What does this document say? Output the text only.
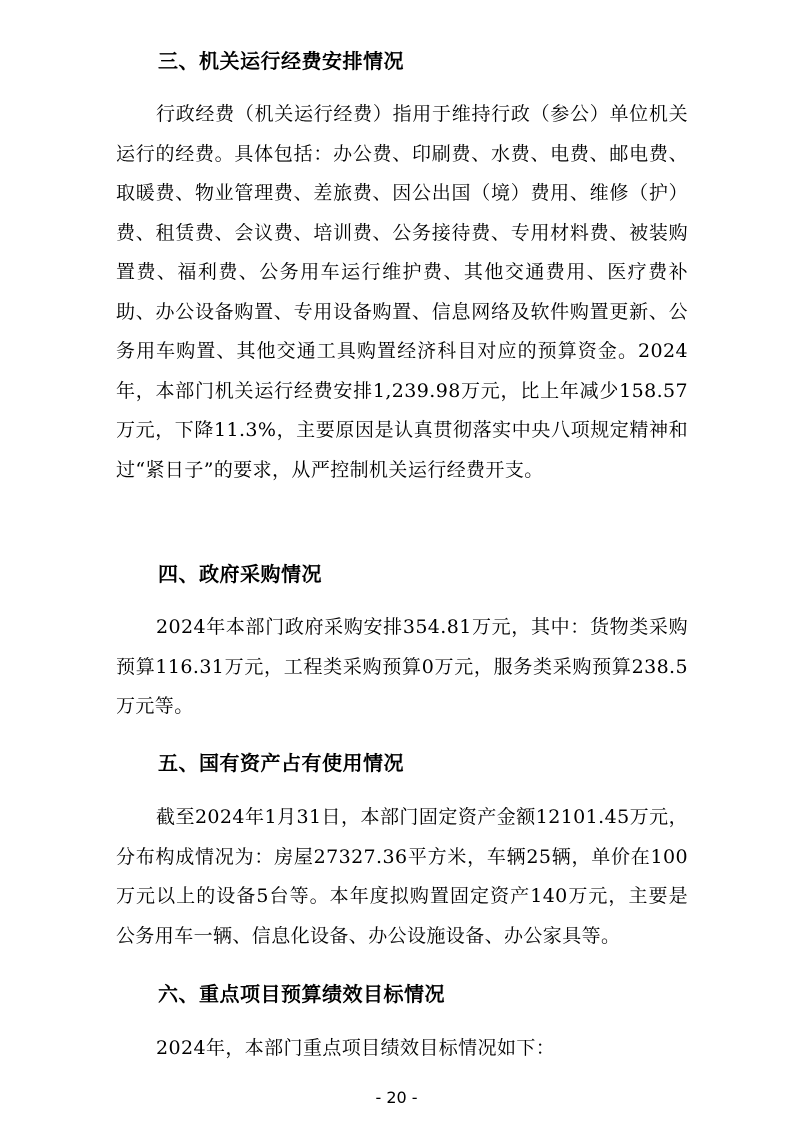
三、机关运行经费安排情况

行政经费（机关运行经费）指用于维持行政（参公）单位机关运行的经费。具体包括：办公费、印刷费、水费、电费、邮电费、取暖费、物业管理费、差旅费、因公出国（境）费用、维修（护）费、租赁费、会议费、培训费、公务接待费、专用材料费、被装购置费、福利费、公务用车运行维护费、其他交通费用、医疗费补助、办公设备购置、专用设备购置、信息网络及软件购置更新、公务用车购置、其他交通工具购置经济科目对应的预算资金。2024年，本部门机关运行经费安排1,239.98万元，比上年减少158.57万元，下降11.3%，主要原因是认真贯彻落实中央八项规定精神和过“紧日子”的要求，从严控制机关运行经费开支。

四、政府采购情况

2024年本部门政府采购安排354.81万元，其中：货物类采购预算116.31万元，工程类采购预算0万元，服务类采购预算238.5万元等。

五、国有资产占有使用情况

截至2024年1月31日，本部门固定资产金额12101.45万元，分布构成情况为：房屋27327.36平方米，车辆25辆，单价在100万元以上的设备5台等。本年度拟购置固定资产140万元，主要是公务用车一辆、信息化设备、办公设施设备、办公家具等。

六、重点项目预算绩效目标情况

2024年，本部门重点项目绩效目标情况如下：

- 20 -
